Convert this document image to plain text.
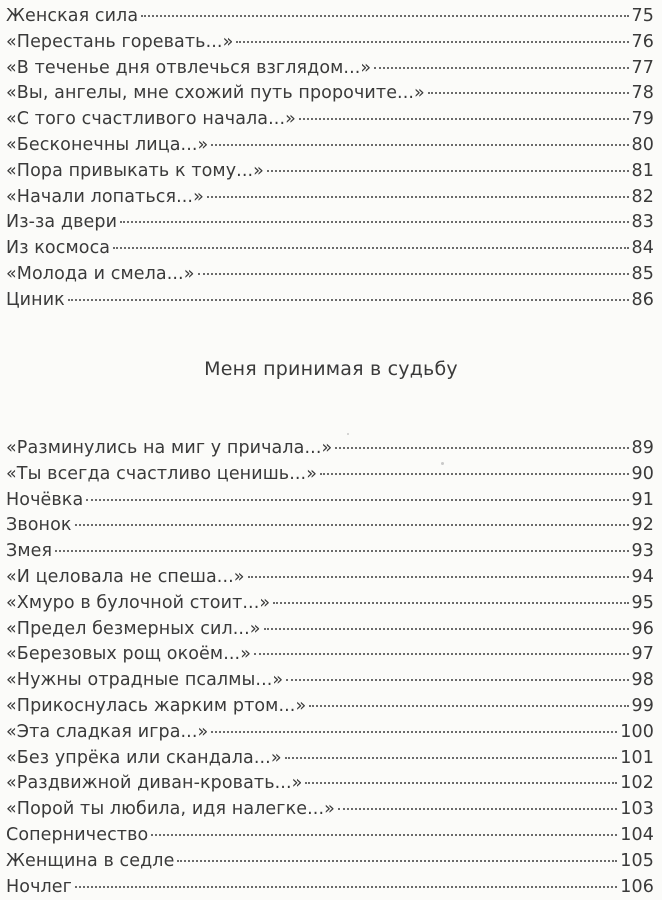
Женская сила	75
«Перестань горевать...»	76
«В теченье дня отвлечься взглядом...»	77
«Вы, ангелы, мне схожий путь пророчите...»	78
«С того счастливого начала...»	79
«Бесконечны лица...»	80
«Пора привыкать к тому...»	81
«Начали лопаться...»	82
Из-за двери	83
Из космоса	84
«Молода и смела...»	85
Циник	86
Меня принимая в судьбу
«Разминулись на миг у причала...»	89
«Ты всегда счастливо ценишь...»	90
Ночёвка	91
Звонок	92
Змея	93
«И целовала не спеша...»	94
«Хмуро в булочной стоит...»	95
«Предел безмерных сил...»	96
«Березовых рощ окоём...»	97
«Нужны отрадные псалмы...»	98
«Прикоснулась жарким ртом...»	99
«Эта сладкая игра...»	100
«Без упрёка или скандала...»	101
«Раздвижной диван-кровать...»	102
«Порой ты любила, идя налегке...»	103
Соперничество	104
Женщина в седле	105
Ночлег	106
